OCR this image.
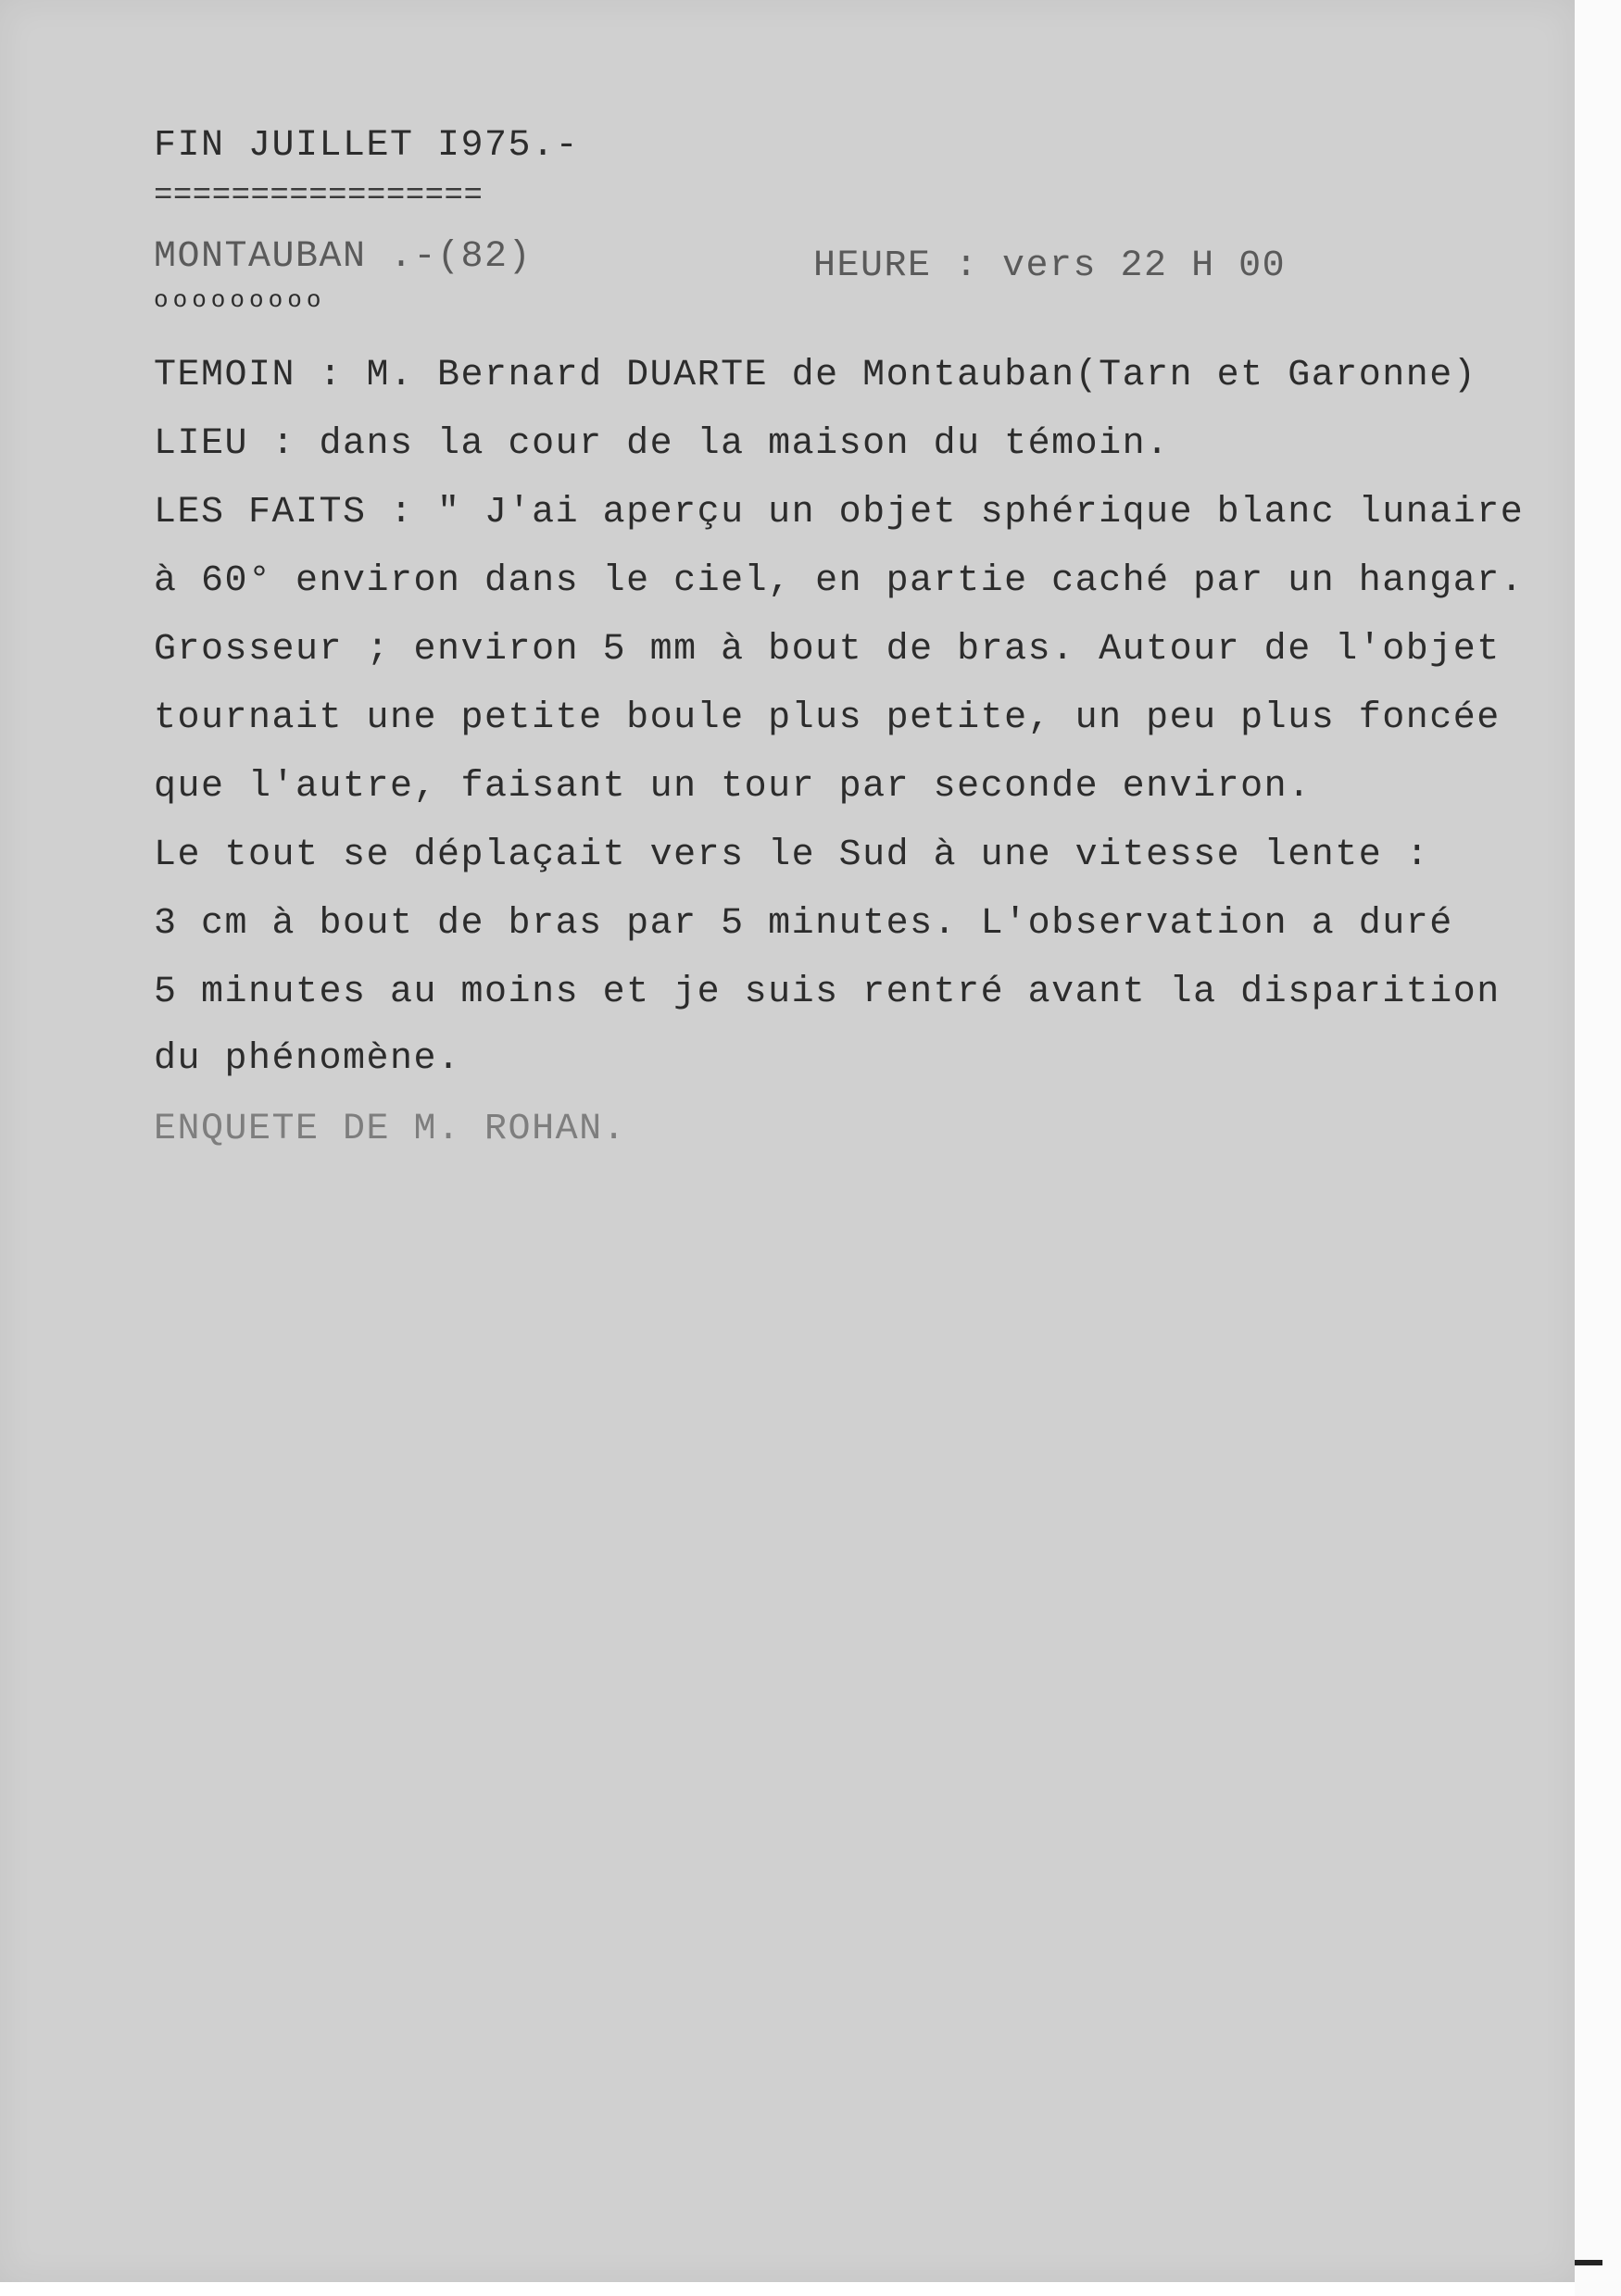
FIN JUILLET I975.-
=================
MONTAUBAN .-(82)	HEURE : vers 22 H 00
ooooooooo
TEMOIN : M. Bernard DUARTE de Montauban(Tarn et Garonne)
LIEU : dans la cour de la maison du témoin.
LES FAITS : " J'ai aperçu un objet sphérique blanc lunaire
à 60° environ dans le ciel, en partie caché par un hangar.
Grosseur ; environ 5 mm à bout de bras. Autour de l'objet
tournait une petite boule plus petite, un peu plus foncée
que l'autre, faisant un tour par seconde environ.
Le tout se déplaçait vers le Sud à une vitesse lente :
3 cm à bout de bras par 5 minutes. L'observation a duré
5 minutes au moins et je suis rentré avant la disparition
du phénomène.
ENQUETE DE M. ROHAN.
